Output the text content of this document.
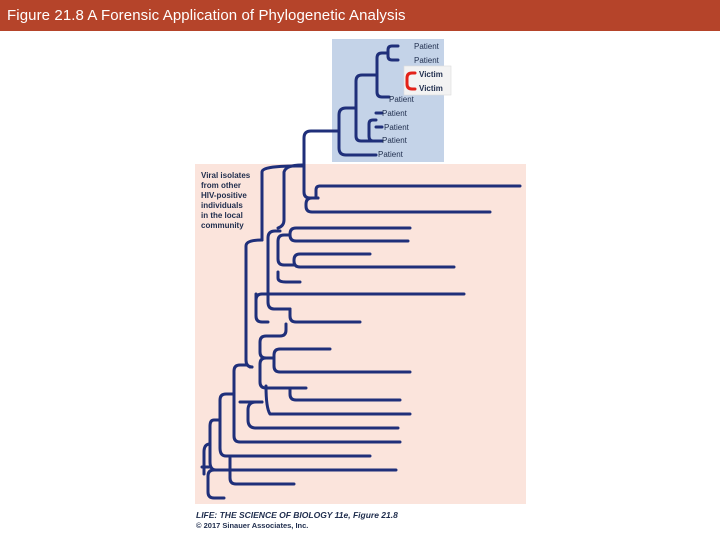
Figure 21.8 A Forensic Application of Phylogenetic Analysis
Patient
Patient
Victim
Victim
Patient
Patient
Patient
Patient
Patient
Viral isolates
from other
HIV-positive
individuals
in the local
community
LIFE: THE SCIENCE OF BIOLOGY 11e, Figure 21.8
© 2017 Sinauer Associates, Inc.
